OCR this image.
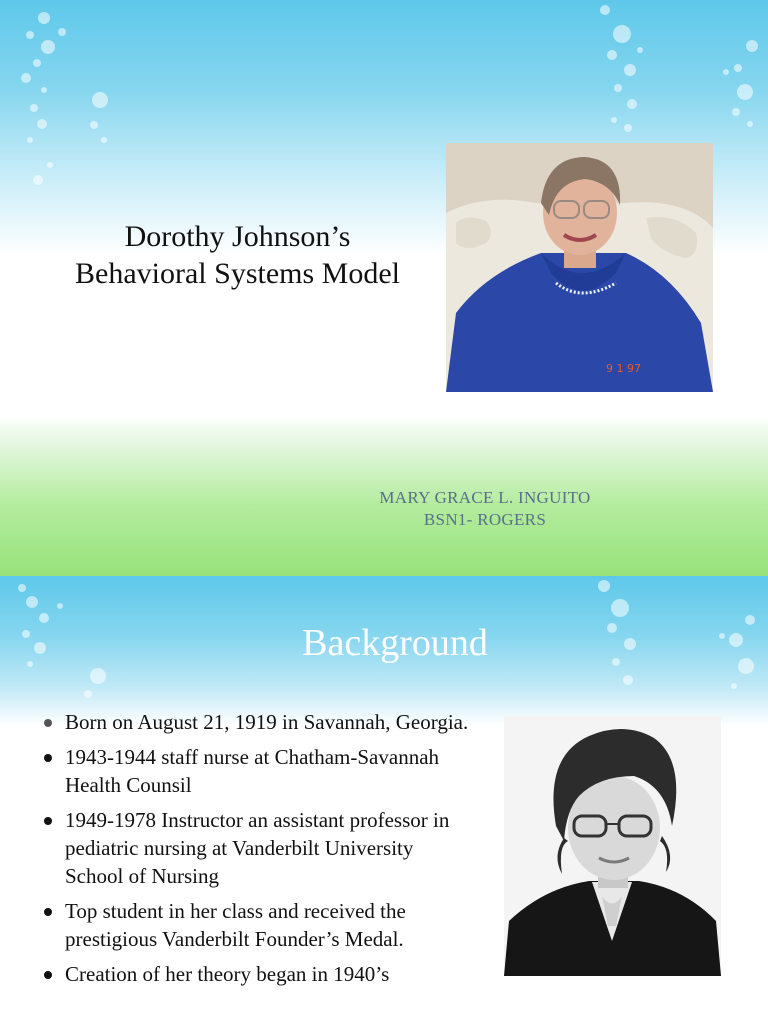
Dorothy Johnson’s
Behavioral Systems Model
9 1 97
MARY GRACE L. INGUITO
BSN1- ROGERS
Background
Born on August 21, 1919 in Savannah, Georgia.
1943-1944 staff nurse at Chatham-Savannah Health Counsil
1949-1978 Instructor an assistant professor in pediatric nursing at Vanderbilt University School of Nursing
Top student in her class and received the prestigious Vanderbilt Founder’s Medal.
Creation of her theory began in 1940’s
